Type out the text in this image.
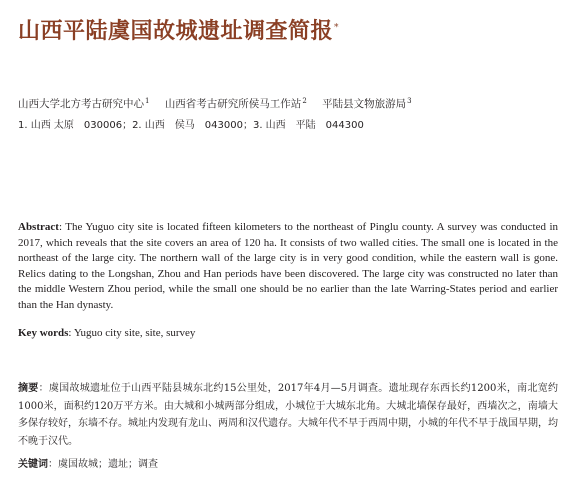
山西平陆虞国故城遗址调查简报*
山西大学北方考古研究中心$^1$ 山西省考古研究所侯马工作站$^2$ 平陆县文物旅游局$^3$
1. 山西 太原　030006；2. 山西　侯马　043000；3. 山西　平陆　044300

Abstract: The Yuguo city site is located fifteen kilometers to the northeast of Pinglu county. A survey was conducted in 2017, which reveals that the site covers an area of 120 ha. It consists of two walled cities. The small one is located in the northeast of the large city. The northern wall of the large city is in very good condition, while the eastern wall is gone. Relics dating to the Longshan, Zhou and Han periods have been discovered. The large city was constructed no later than the middle Western Zhou period, while the small one should be no earlier than the late Warring-States period and earlier than the Han dynasty.

Key words: Yuguo city site, site, survey

摘要：虞国故城遗址位于山西平陆县城东北约15公里处，2017年4月—5月调查。遗址现存东西长约1200米，南北宽约1000米，面积约120万平方米。由大城和小城两部分组成，小城位于大城东北角。大城北墙保存最好，西墙次之，南墙大多保存较好，东墙不存。城址内发现有龙山、两周和汉代遗存。大城年代不早于西周中期，小城的年代不早于战国早期，均不晚于汉代。

关键词：虞国故城；遗址；调查
